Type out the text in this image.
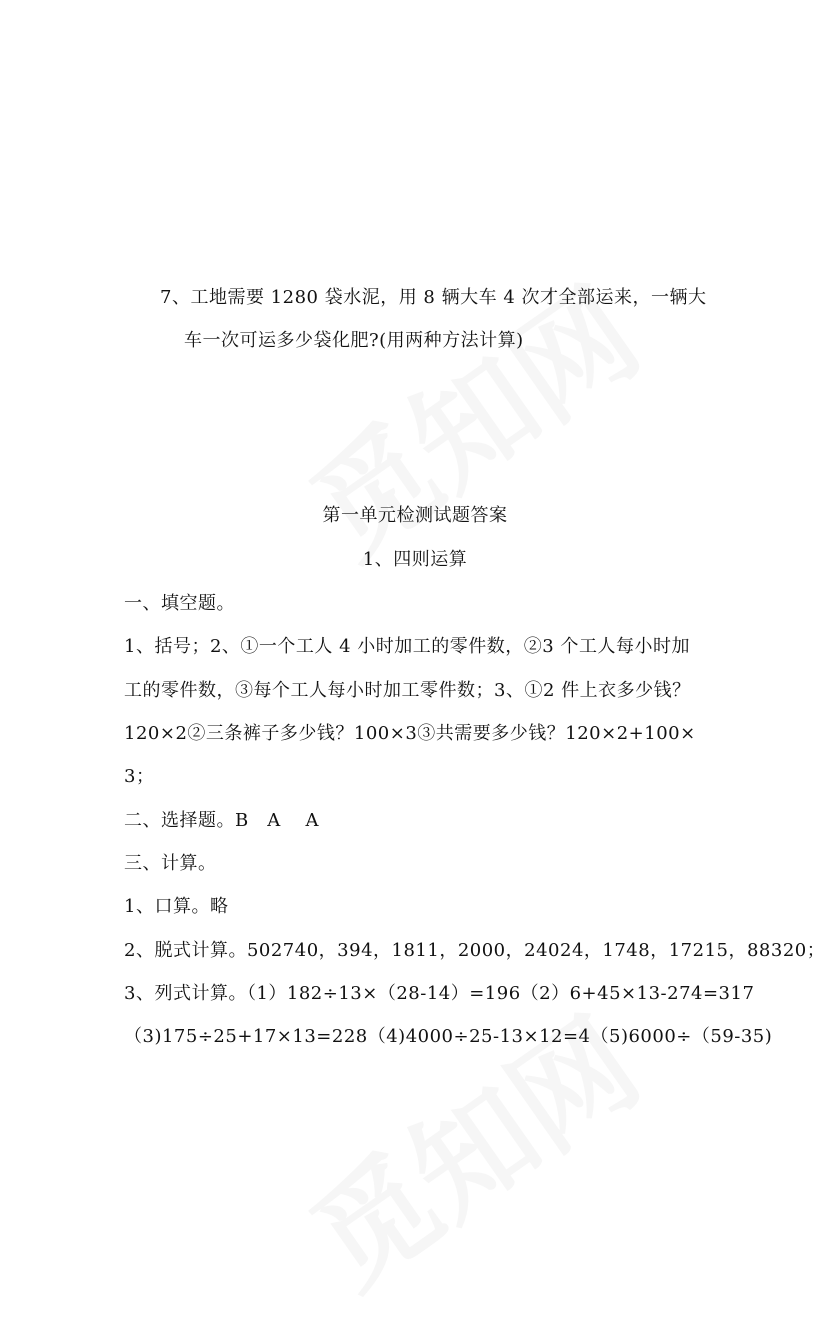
7、工地需要 1280 袋水泥，用 8 辆大车 4 次才全部运来，一辆大
车一次可运多少袋化肥?(用两种方法计算)
第一单元检测试题答案
1、四则运算
一、填空题。
1、括号；2、①一个工人 4 小时加工的零件数，②3 个工人每小时加
工的零件数，③每个工人每小时加工零件数；3、①2 件上衣多少钱？
120×2②三条裤子多少钱？100×3③共需要多少钱？120×2+100×
3；
二、选择题。B　A　 A
三、计算。
1、口算。略
2、脱式计算。502740，394，1811，2000，24024，1748，17215，88320；
3、列式计算。（1）182÷13×（28-14）=196（2）6+45×13-274=317
（3)175÷25+17×13=228（4)4000÷25-13×12=4（5)6000÷（59-35)
